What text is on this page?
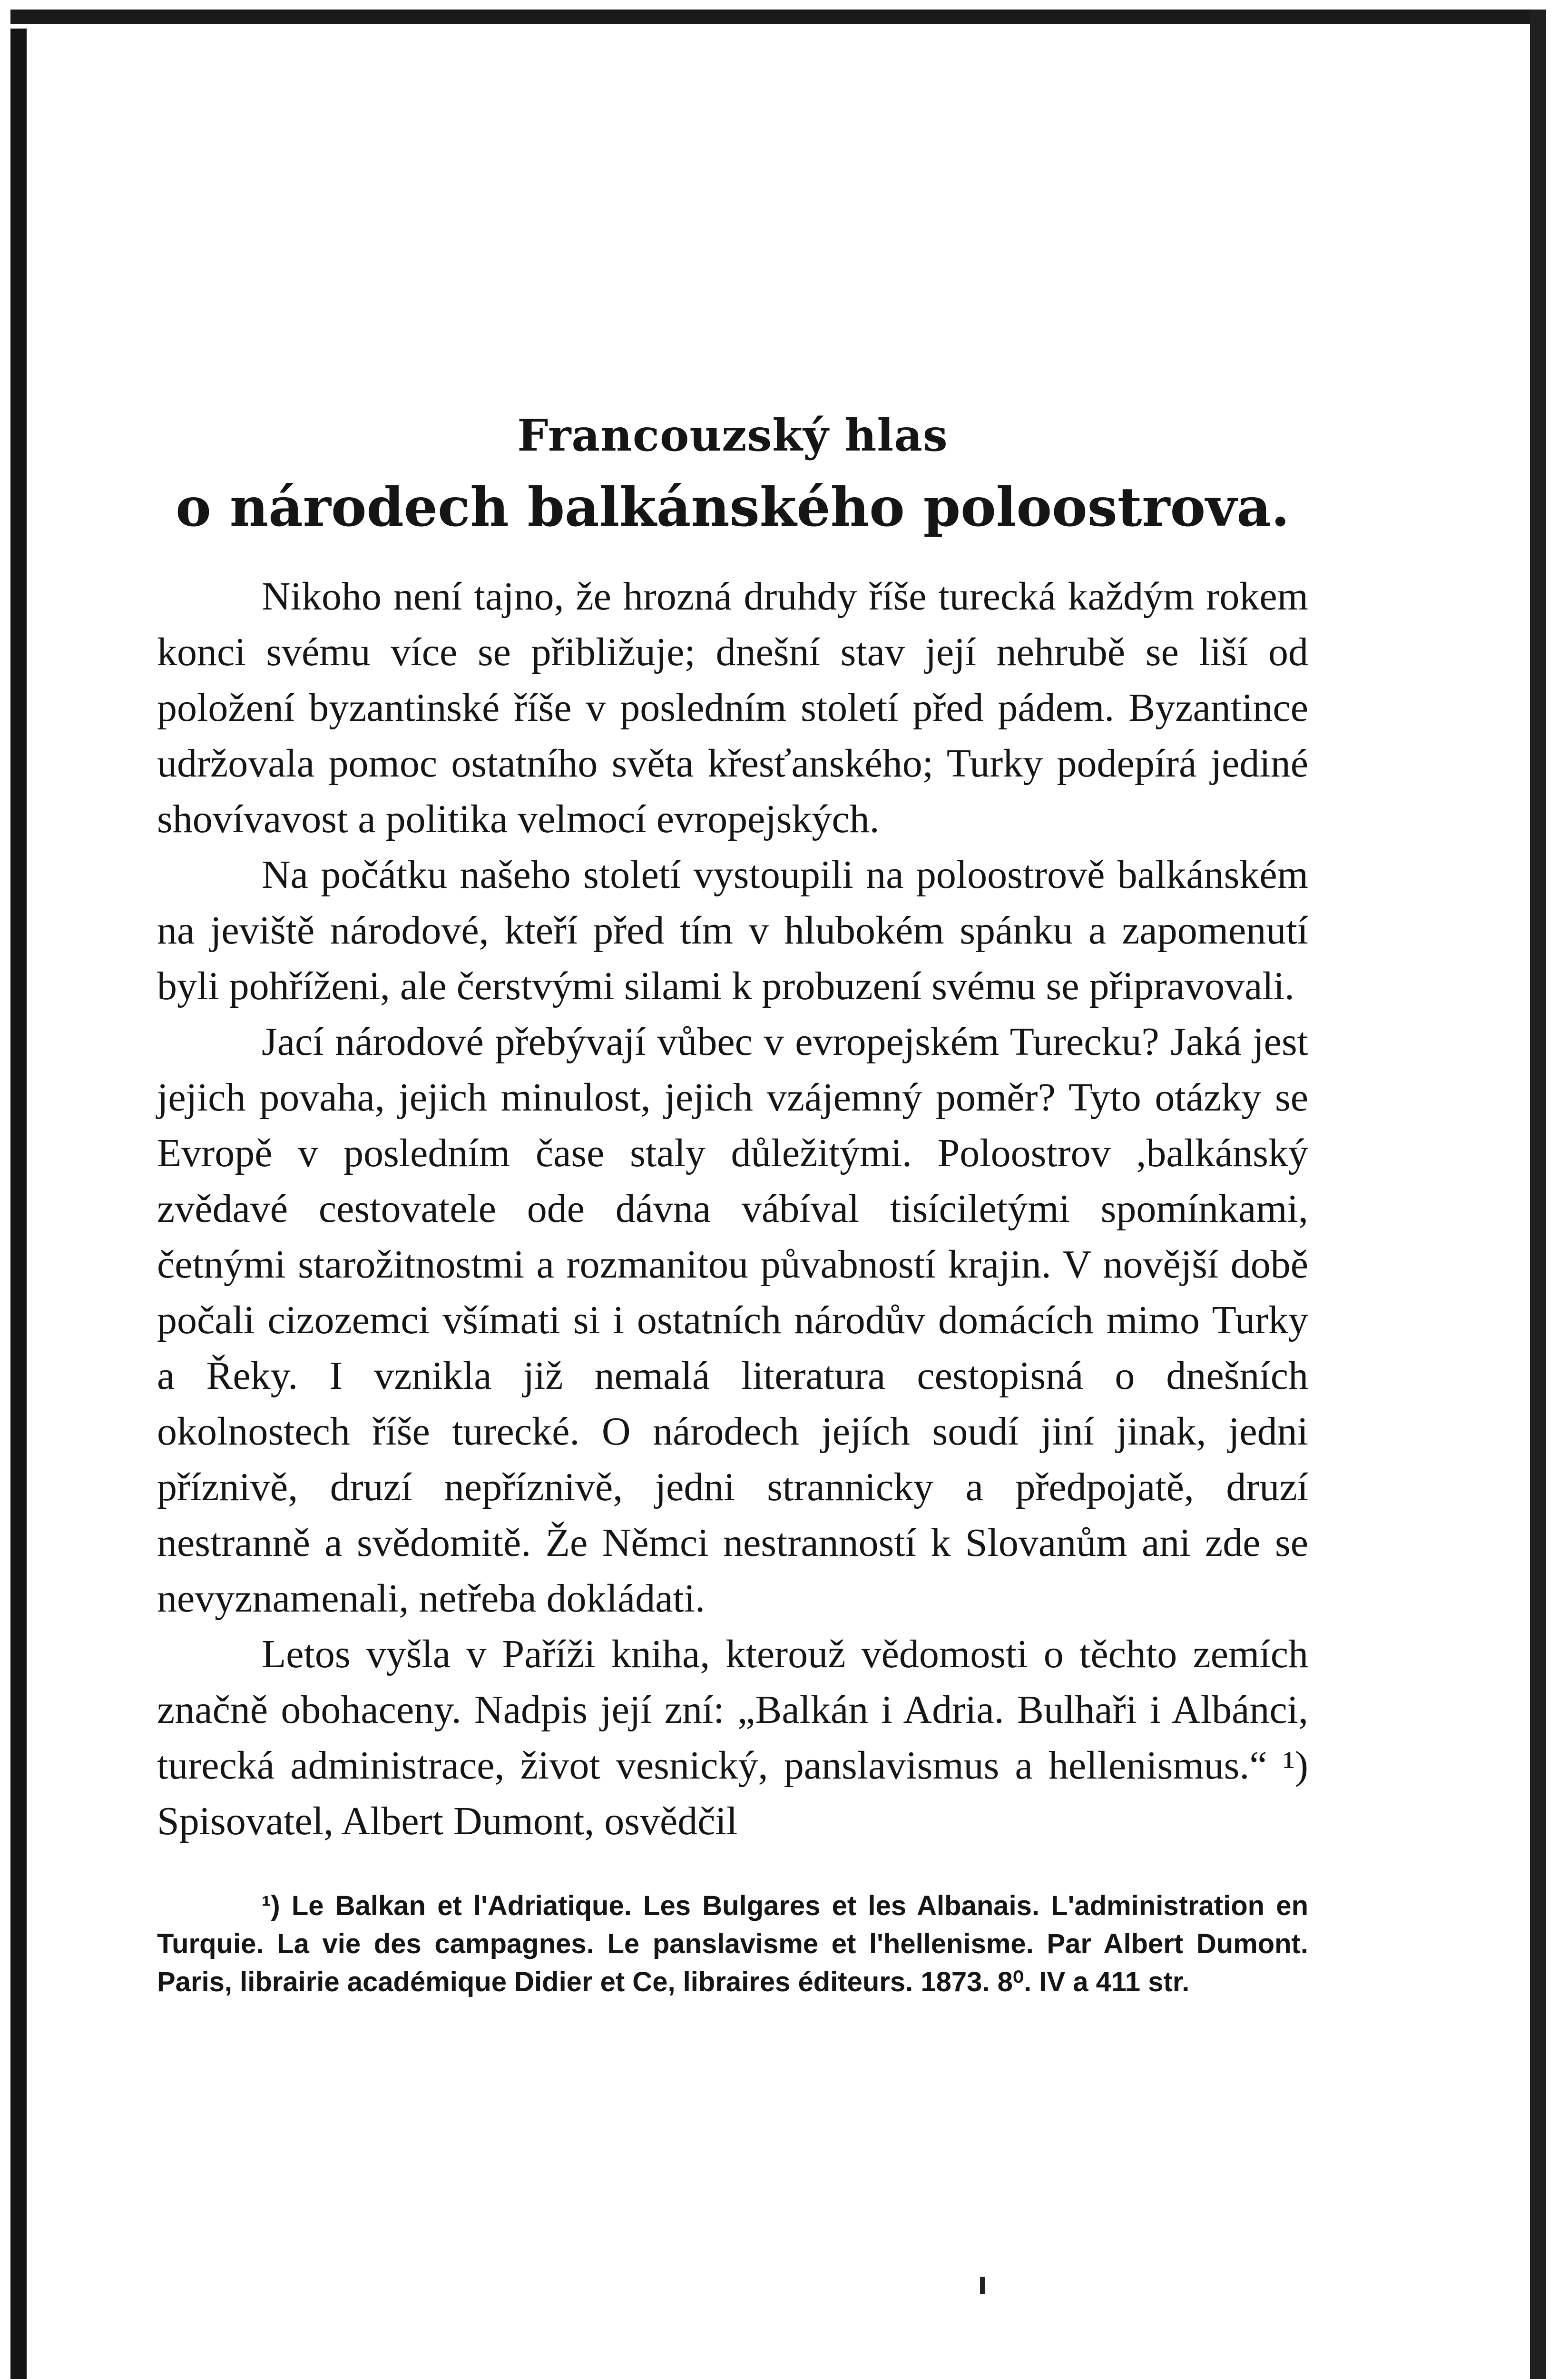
Francouzský hlas
o národech balkánského poloostrova.

Nikoho není tajno, že hrozná druhdy říše turecká každým rokem konci svému více se přibližuje; dnešní stav její nehrubě se liší od položení byzantinské říše v posledním století před pádem. Byzantince udržovala pomoc ostatního světa křesťanského; Turky podepírá jediné shovívavost a politika velmocí evropejských.

Na počátku našeho století vystoupili na poloostrově balkánském na jeviště národové, kteří před tím v hlubokém spánku a zapomenutí byli pohříženi, ale čerstvými silami k probuzení svému se připravovali.

Jací národové přebývají vůbec v evropejském Turecku? Jaká jest jejich povaha, jejich minulost, jejich vzájemný poměr? Tyto otázky se Evropě v posledním čase staly důležitými. Poloostrov ,balkánský zvědavé cestovatele ode dávna vábíval tisíciletými spomínkami, četnými starožitnostmi a rozmanitou půvabností krajin. V novější době počali cizozemci všímati si i ostatních národův domácích mimo Turky a Řeky. I vznikla již nemalá literatura cestopisná o dnešních okolnostech říše turecké. O národech jejích soudí jiní jinak, jedni příznivě, druzí nepříznivě, jedni strannicky a předpojatě, druzí nestranně a svědomitě. Že Němci nestranností k Slovanům ani zde se nevyznamenali, netřeba dokládati.

Letos vyšla v Paříži kniha, kterouž vědomosti o těchto zemích značně obohaceny. Nadpis její zní: „Balkán i Adria. Bulhaři i Albánci, turecká administrace, život vesnický, panslavismus a hellenismus.“ ¹) Spisovatel, Albert Dumont, osvědčil

¹) Le Balkan et l'Adriatique. Les Bulgares et les Albanais. L'administration en Turquie. La vie des campagnes. Le panslavisme et l'hellenisme. Par Albert Dumont. Paris, librairie académique Didier et Ce, libraires éditeurs. 1873. 8⁰. IV a 411 str.
